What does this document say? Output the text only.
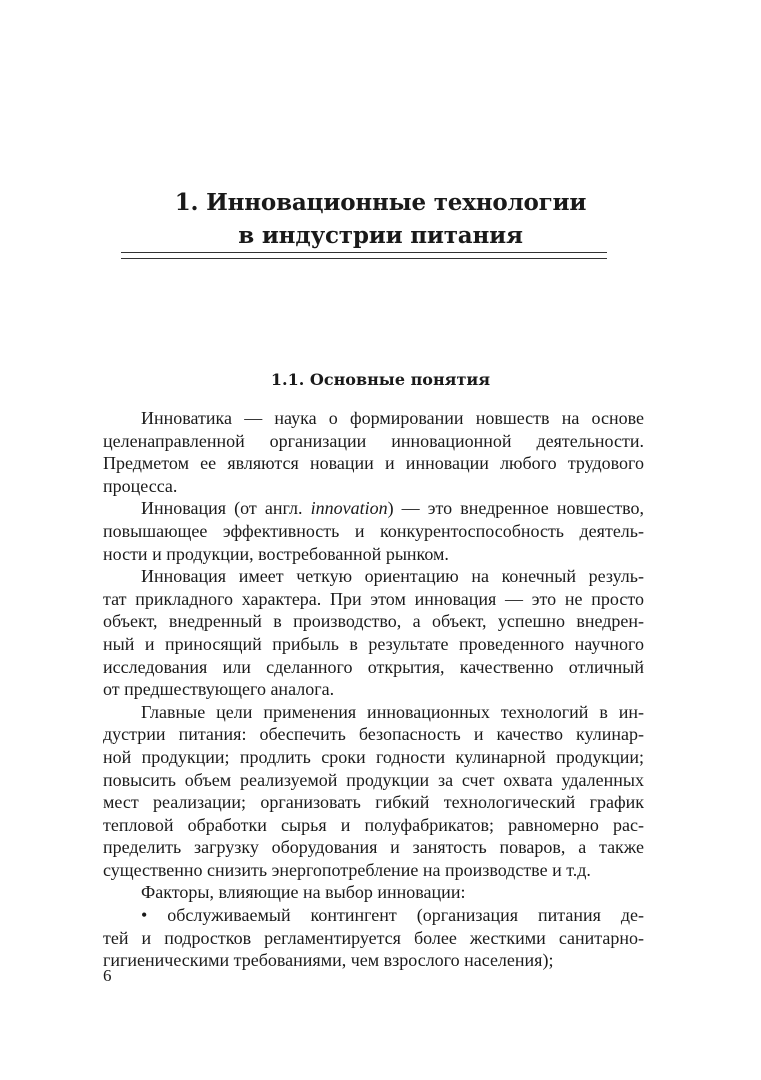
1. Инновационные технологии
в индустрии питания
1.1. Основные понятия
Инноватика — наука о формировании новшеств на основе
целенаправленной организации инновационной деятельности.
Предметом ее являются новации и инновации любого трудового
процесса.
Инновация (от англ. innovation) — это внедренное новшество,
повышающее эффективность и конкурентоспособность деятель-
ности и продукции, востребованной рынком.
Инновация имеет четкую ориентацию на конечный резуль-
тат прикладного характера. При этом инновация — это не просто
объект, внедренный в производство, а объект, успешно внедрен-
ный и приносящий прибыль в результате проведенного научного
исследования или сделанного открытия, качественно отличный
от предшествующего аналога.
Главные цели применения инновационных технологий в ин-
дустрии питания: обеспечить безопасность и качество кулинар-
ной продукции; продлить сроки годности кулинарной продукции;
повысить объем реализуемой продукции за счет охвата удаленных
мест реализации; организовать гибкий технологический график
тепловой обработки сырья и полуфабрикатов; равномерно рас-
пределить загрузку оборудования и занятость поваров, а также
существенно снизить энергопотребление на производстве и т.д.
Факторы, влияющие на выбор инновации:
• обслуживаемый контингент (организация питания де-
тей и подростков регламентируется более жесткими санитарно-
гигиеническими требованиями, чем взрослого населения);
6
